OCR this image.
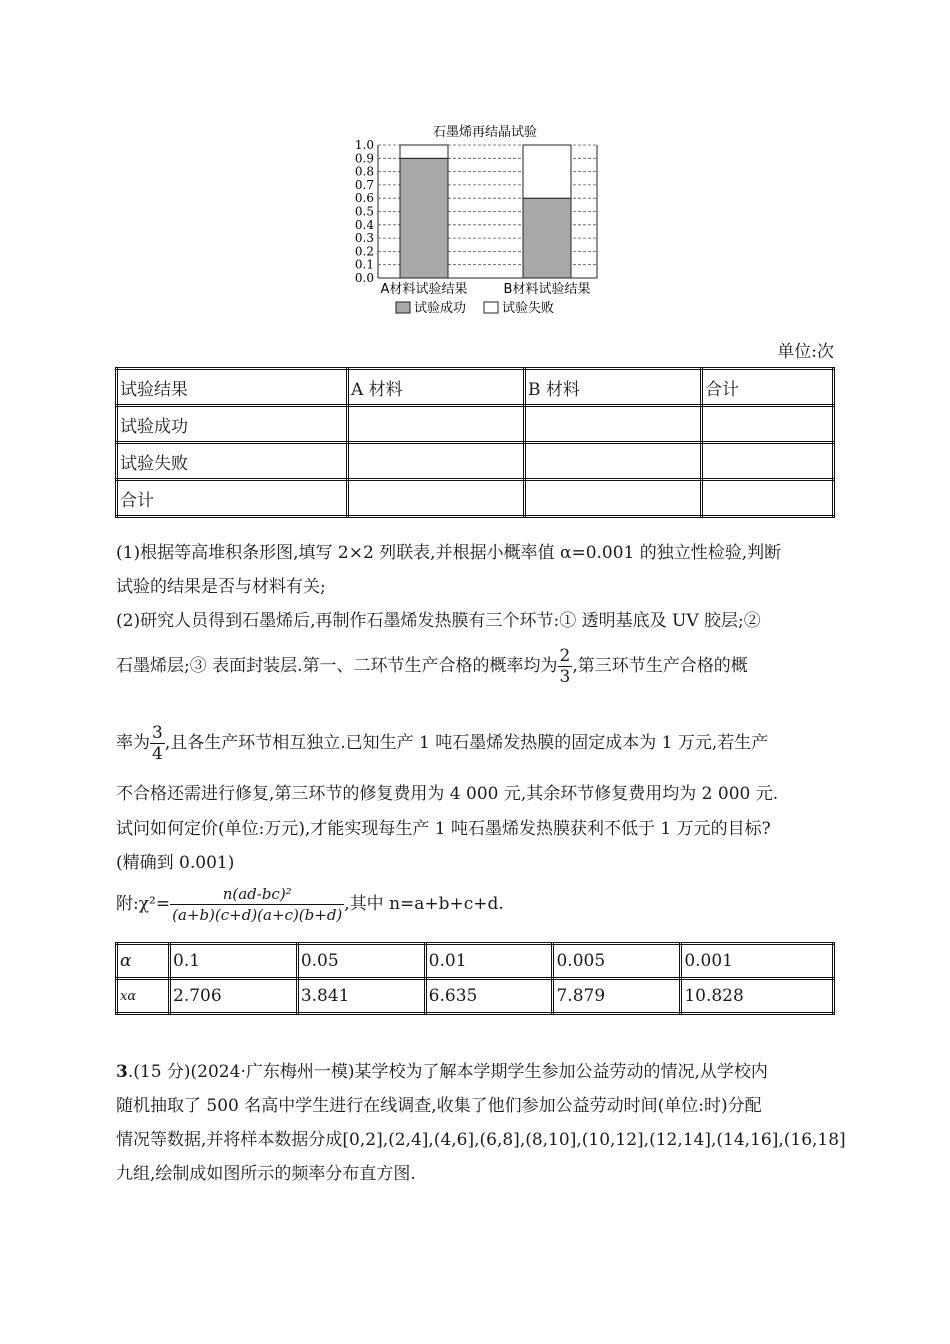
石墨烯再结晶试验
1.0
0.9
0.8
0.7
0.6
0.5
0.4
0.3
0.2
0.1
0.0
A材料试验结果	B材料试验结果
试验成功	试验失败
单位:次
试验结果	A 材料	B 材料	合计
试验成功			
试验失败			
合计			
(1)根据等高堆积条形图,填写 2×2 列联表,并根据小概率值 α=0.001 的独立性检验,判断
试验的结果是否与材料有关;
(2)研究人员得到石墨烯后,再制作石墨烯发热膜有三个环节:① 透明基底及 UV 胶层;②
石墨烯层;③ 表面封装层.第一、二环节生产合格的概率均为 $\frac{2}{3}$ ,第三环节生产合格的概
率为 $\frac{3}{4}$ ,且各生产环节相互独立.已知生产 1 吨石墨烯发热膜的固定成本为 1 万元,若生产
不合格还需进行修复,第三环节的修复费用为 4 000 元,其余环节修复费用均为 2 000 元.
试问如何定价(单位:万元),才能实现每生产 1 吨石墨烯发热膜获利不低于 1 万元的目标?
(精确到 0.001)
附:χ²= $\frac{\text{n(ad-bc)²}}{(a+b)(c+d)(a+c)(b+d)}$ ,其中 n=a+b+c+d.
α	0.1	0.05	0.01	0.005	0.001
xα	2.706	3.841	6.635	7.879	10.828
3.(15 分)(2024·广东梅州一模)某学校为了解本学期学生参加公益劳动的情况,从学校内
随机抽取了 500 名高中学生进行在线调查,收集了他们参加公益劳动时间(单位:时)分配
情况等数据,并将样本数据分成[0,2],(2,4],(4,6],(6,8],(8,10],(10,12],(12,14],(14,16],(16,18]
九组,绘制成如图所示的频率分布直方图.
